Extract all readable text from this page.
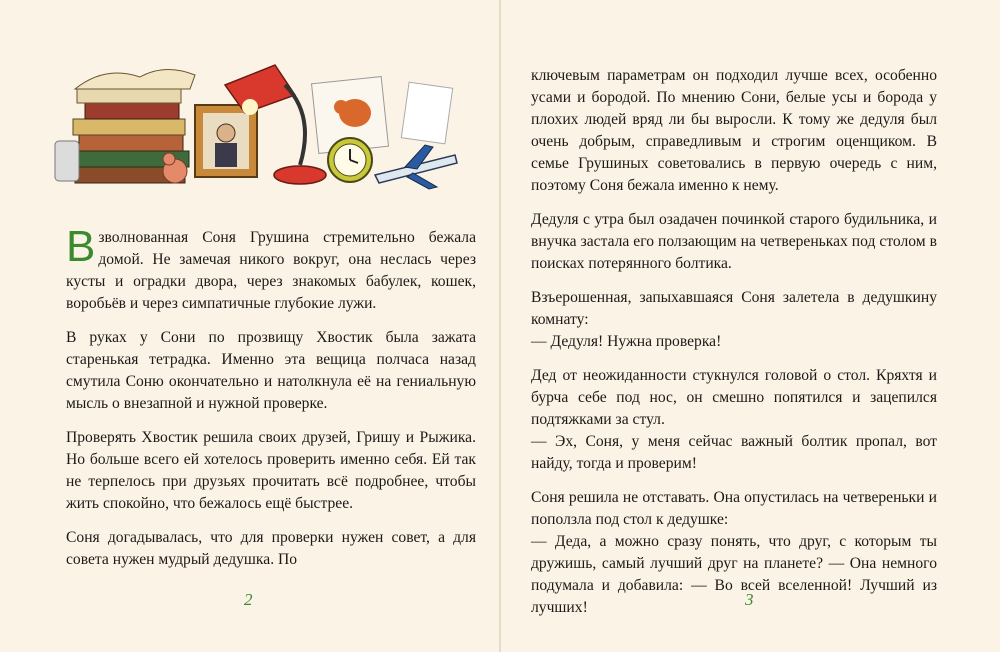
Взволнованная Соня Грушина стремительно бежала домой. Не замечая никого вокруг, она неслась через кусты и оградки двора, через знакомых бабулек, кошек, воробьёв и через симпатичные глубокие лужи.

В руках у Сони по прозвищу Хвостик была зажата старенькая тетрадка. Именно эта вещица полчаса назад смутила Соню окончательно и натолкнула её на гениальную мысль о внезапной и нужной проверке.

Проверять Хвостик решила своих друзей, Гришу и Рыжика. Но больше всего ей хотелось проверить именно себя. Ей так не терпелось при друзьях прочитать всё подробнее, чтобы жить спокойно, что бежалось ещё быстрее.

Соня догадывалась, что для проверки нужен совет, а для совета нужен мудрый дедушка. По

ключевым параметрам он подходил лучше всех, особенно усами и бородой. По мнению Сони, белые усы и борода у плохих людей вряд ли бы выросли. К тому же дедуля был очень добрым, справедливым и строгим оценщиком. В семье Грушиных советовались в первую очередь с ним, поэтому Соня бежала именно к нему.

Дедуля с утра был озадачен починкой старого будильника, и внучка застала его ползающим на четвереньках под столом в поисках потерянного болтика.

Взъерошенная, запыхавшаяся Соня залетела в дедушкину комнату:

— Дедуля! Нужна проверка!

Дед от неожиданности стукнулся головой о стол. Кряхтя и бурча себе под нос, он смешно попятился и зацепился подтяжками за стул.

— Эх, Соня, у меня сейчас важный болтик пропал, вот найду, тогда и проверим!

Соня решила не отставать. Она опустилась на четвереньки и поползла под стол к дедушке:

— Деда, а можно сразу понять, что друг, с которым ты дружишь, самый лучший друг на планете? — Она немного подумала и добавила: — Во всей вселенной! Лучший из лучших!

2	3
